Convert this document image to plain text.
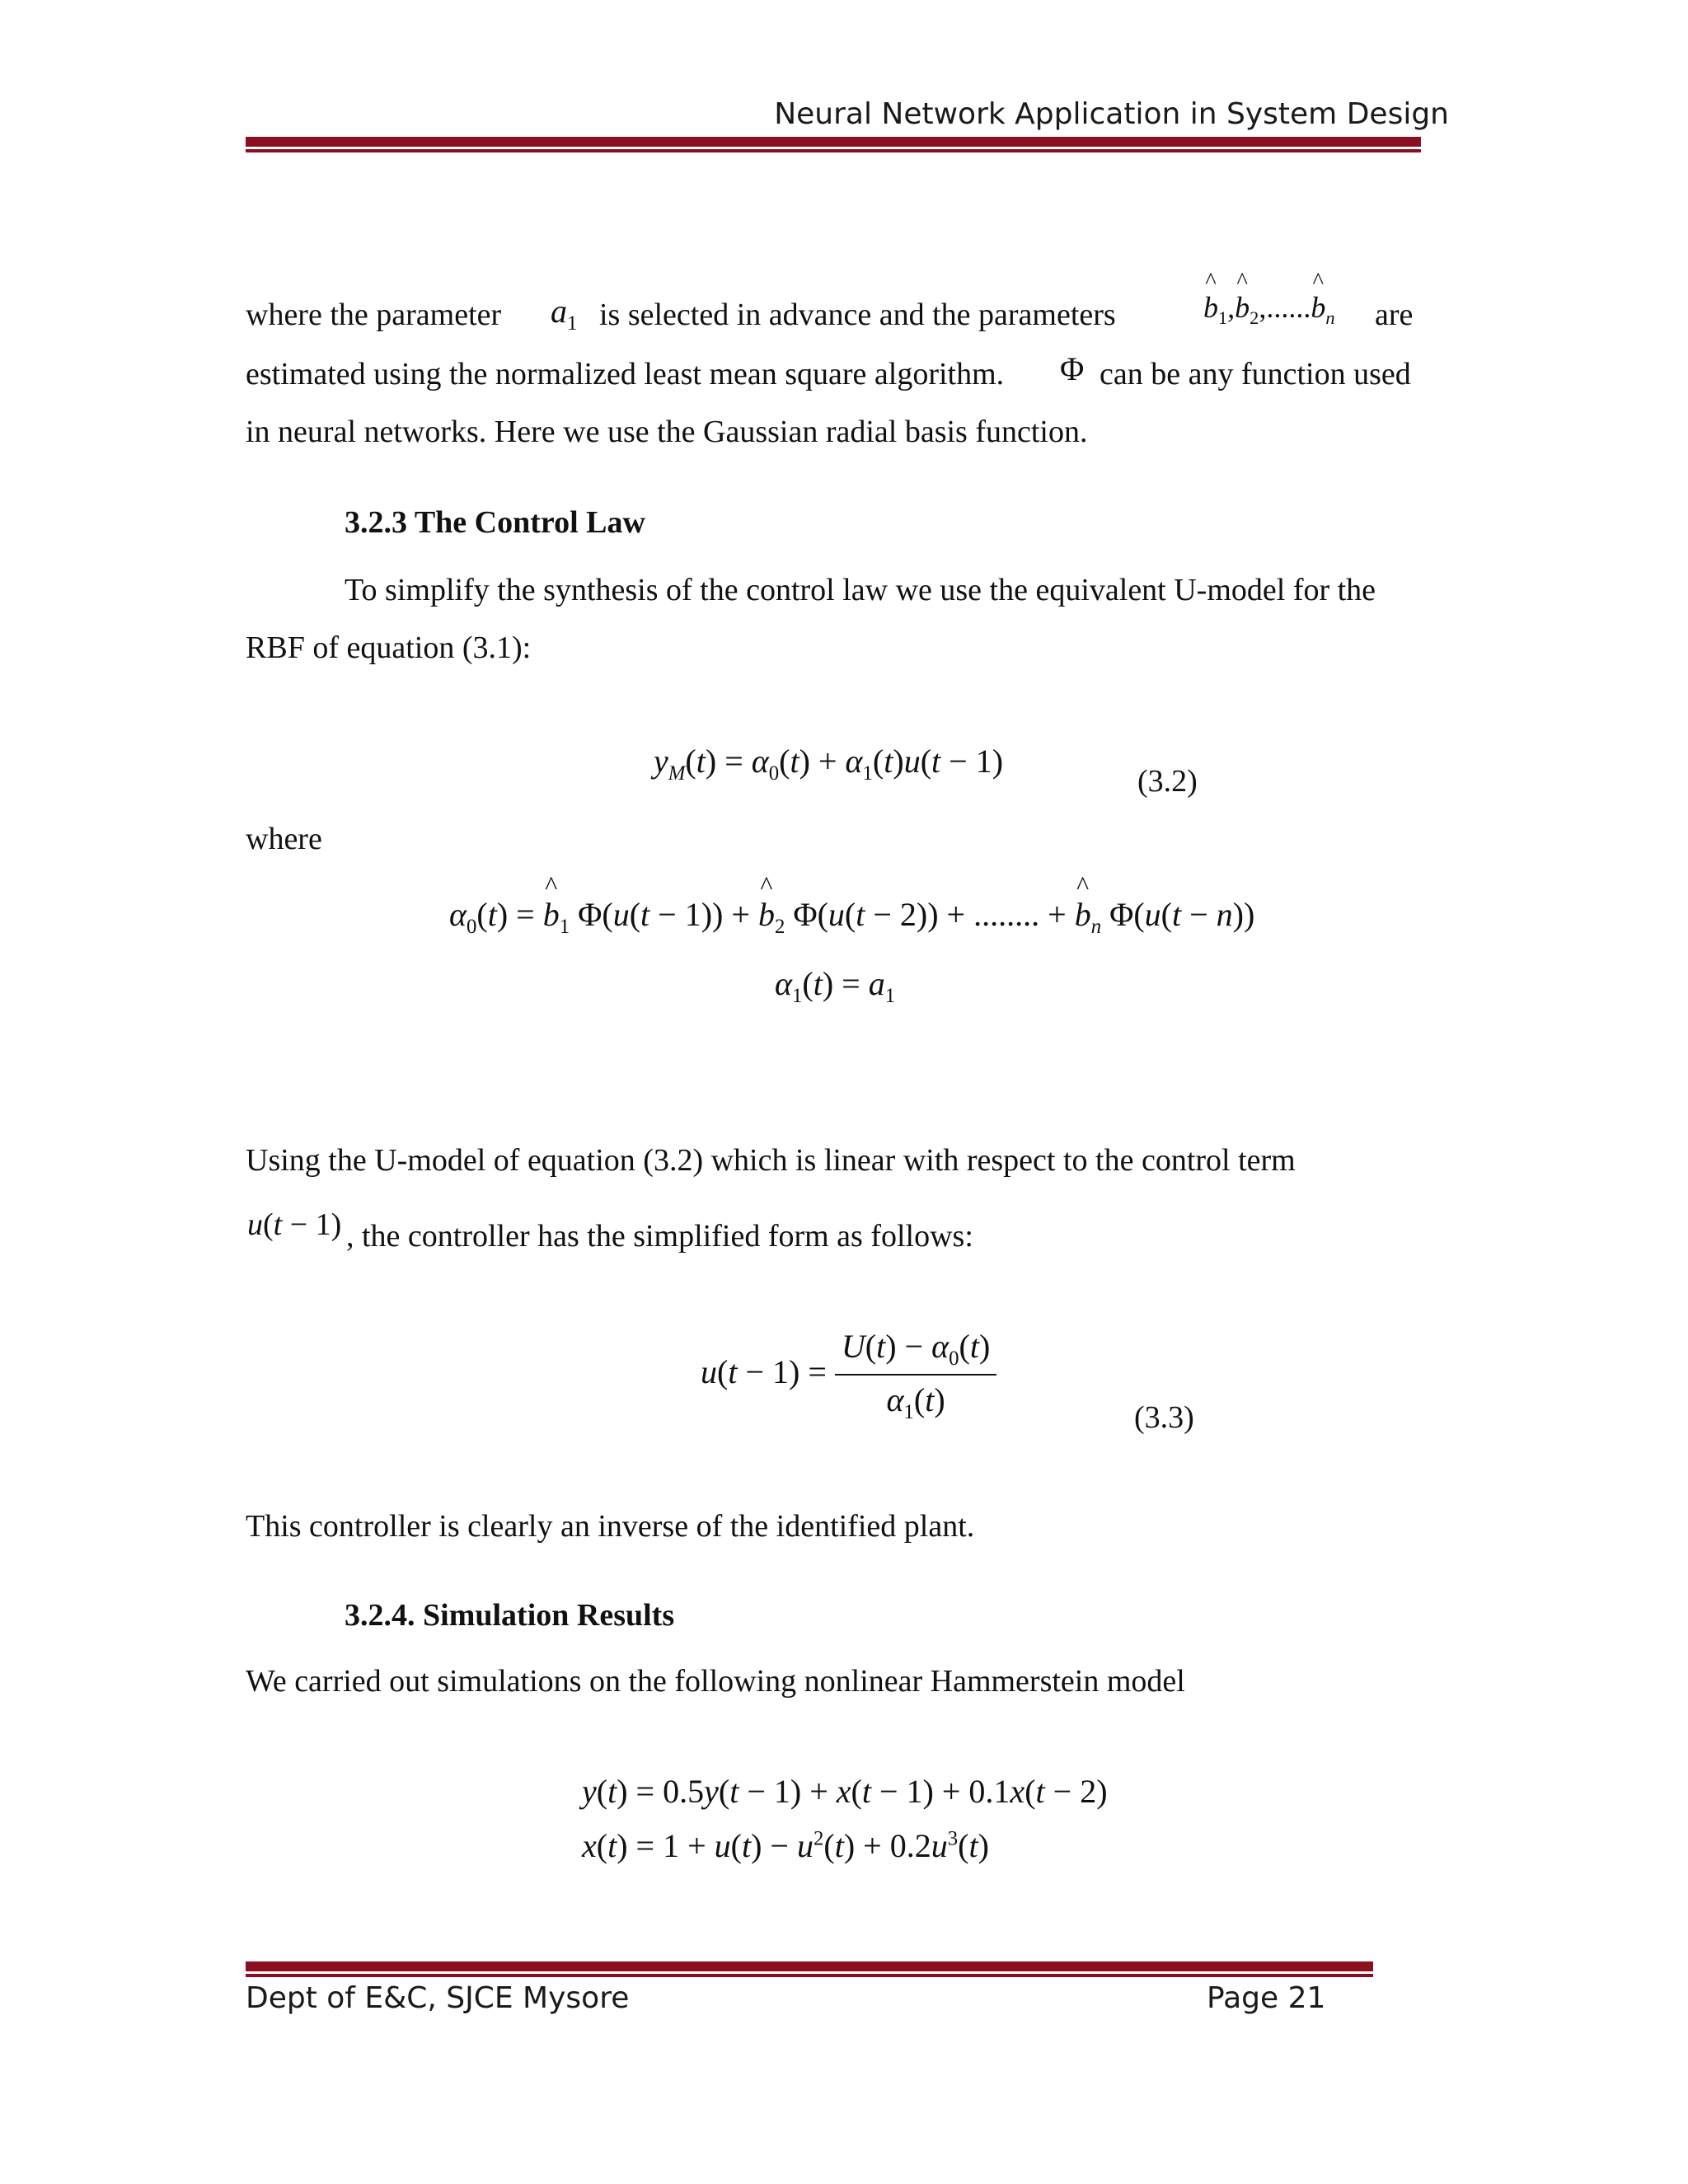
Neural Network Application in System Design
where the parameter	$a_1$ is selected in advance and the parameters
^	$b_1,\^{}$ $b_2,......\^{}$ $b_n$ are
estimated using the normalized least mean square algorithm. Φ can be any function used
in neural networks. Here we use the Gaussian radial basis function.
3.2.3 The Control Law
To simplify the synthesis of the control law we use the equivalent U-model for the
RBF of equation (3.1):
$y_M(t) = \alpha_0(t) + \alpha_1(t)u(t - 1)$
(3.2)
where
$\alpha_0(t)$ = ^ $b_1$ Φ(u(t − 1)) + ^ $b_2$ Φ(u(t − 2)) + ........ + ^ $b_n$ Φ(u(t − n))
$\alpha_1(t) = a_1$
Using the U-model of equation (3.2) which is linear with respect to the control term
u(t − 1) , the controller has the simplified form as follows:
$u(t - 1) = \frac{U(t) - \alpha_0(t)}{\alpha_1(t)}$	(3.3)
This controller is clearly an inverse of the identified plant.
3.2.4. Simulation Results
We carried out simulations on the following nonlinear Hammerstein model
y(t) = 0.5y(t − 1) + x(t − 1) + 0.1x(t − 2)
$x(t) = 1 + u(t) - u^2(t) + 0.2u^3(t)$
Dept of E&C, SJCE Mysore	Page 21
